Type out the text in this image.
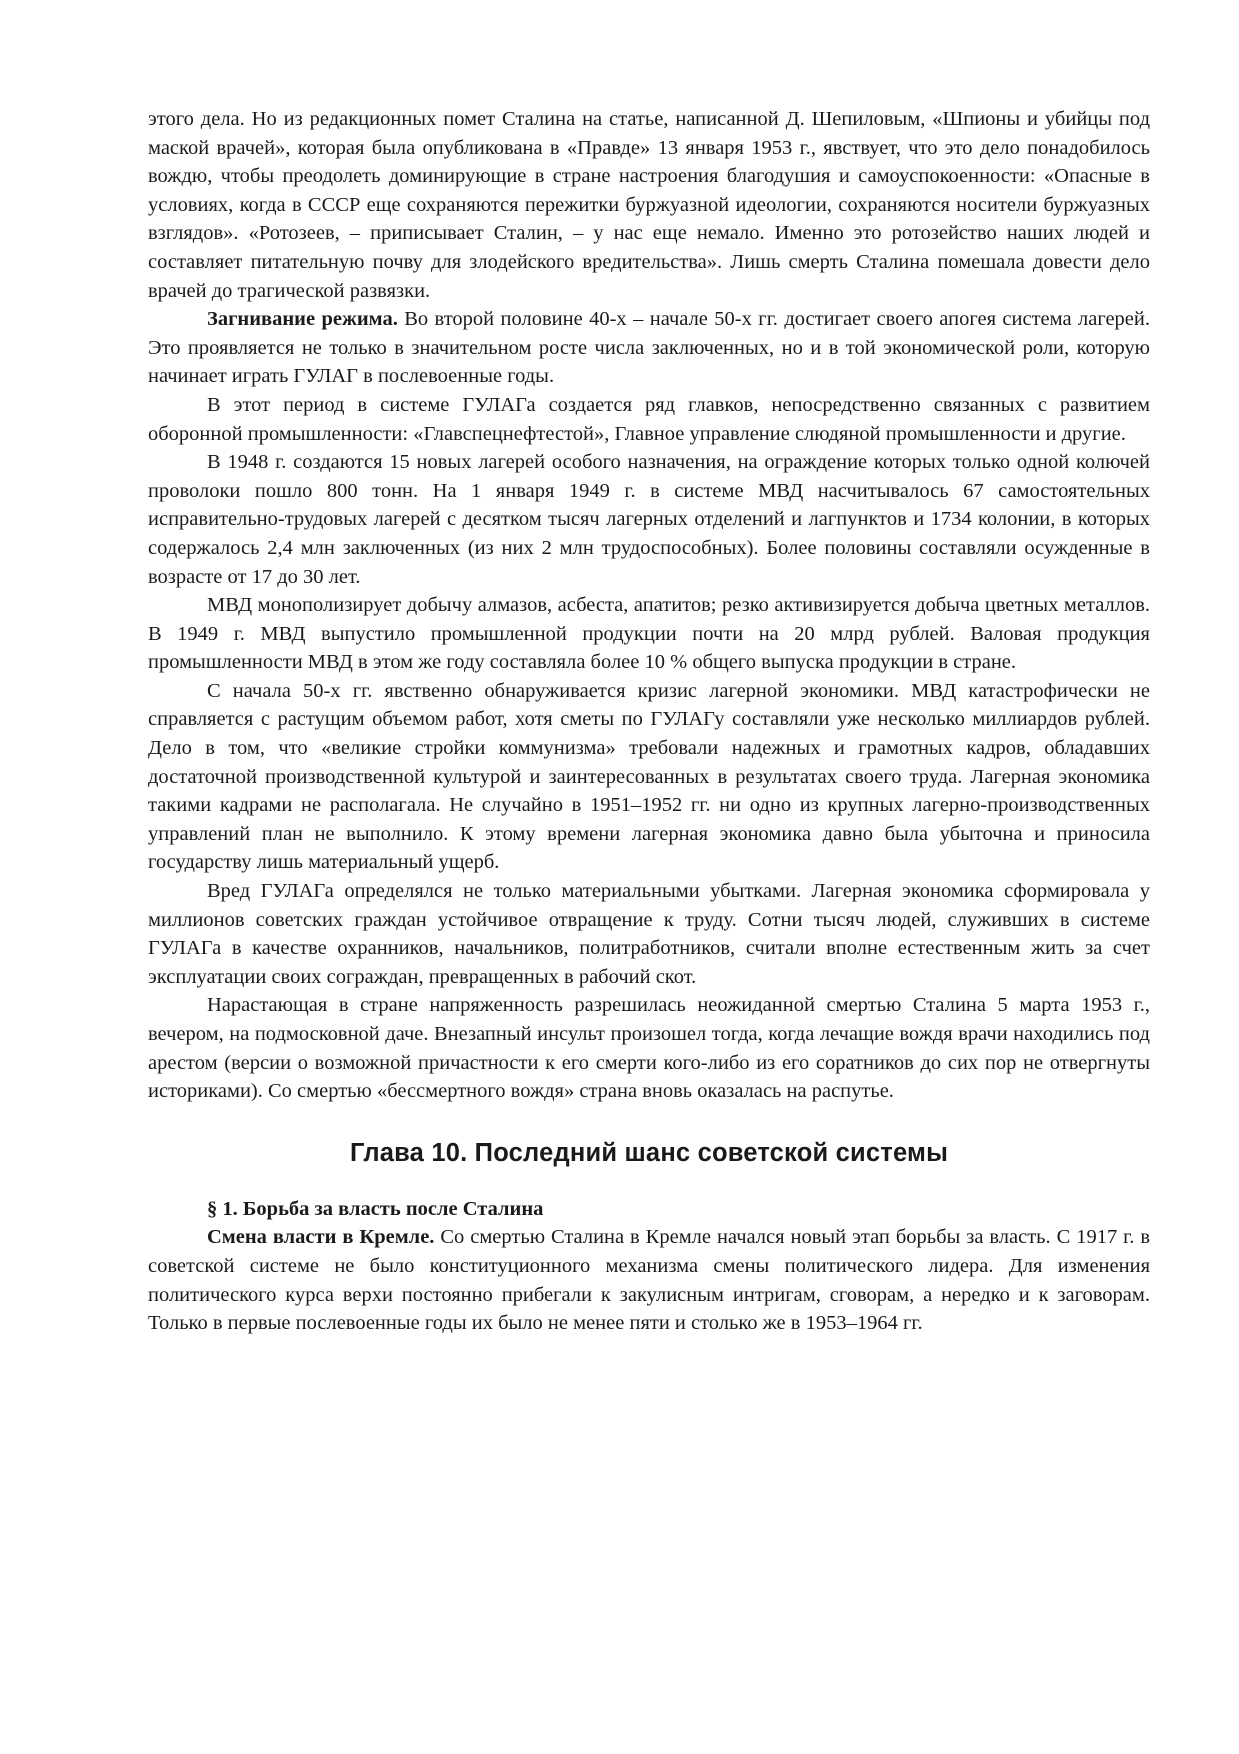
этого дела. Но из редакционных помет Сталина на статье, написанной Д. Шепиловым, «Шпионы и убийцы под маской врачей», которая была опубликована в «Правде» 13 января 1953 г., явствует, что это дело понадобилось вождю, чтобы преодолеть доминирующие в стране настроения благодушия и самоуспокоенности: «Опасные в условиях, когда в СССР еще сохраняются пережитки буржуазной идеологии, сохраняются носители буржуазных взглядов». «Ротозеев, – приписывает Сталин, – у нас еще немало. Именно это ротозейство наших людей и составляет питательную почву для злодейского вредительства». Лишь смерть Сталина помешала довести дело врачей до трагической развязки.

Загнивание режима. Во второй половине 40-х – начале 50-х гг. достигает своего апогея система лагерей. Это проявляется не только в значительном росте числа заключенных, но и в той экономической роли, которую начинает играть ГУЛАГ в послевоенные годы.

В этот период в системе ГУЛАГа создается ряд главков, непосредственно связанных с развитием оборонной промышленности: «Главспецнефтестой», Главное управление слюдяной промышленности и другие.

В 1948 г. создаются 15 новых лагерей особого назначения, на ограждение которых только одной колючей проволоки пошло 800 тонн. На 1 января 1949 г. в системе МВД насчитывалось 67 самостоятельных исправительно-трудовых лагерей с десятком тысяч лагерных отделений и лагпунктов и 1734 колонии, в которых содержалось 2,4 млн заключенных (из них 2 млн трудоспособных). Более половины составляли осужденные в возрасте от 17 до 30 лет.

МВД монополизирует добычу алмазов, асбеста, апатитов; резко активизируется добыча цветных металлов. В 1949 г. МВД выпустило промышленной продукции почти на 20 млрд рублей. Валовая продукция промышленности МВД в этом же году составляла более 10 % общего выпуска продукции в стране.

С начала 50-х гг. явственно обнаруживается кризис лагерной экономики. МВД катастрофически не справляется с растущим объемом работ, хотя сметы по ГУЛАГу составляли уже несколько миллиардов рублей. Дело в том, что «великие стройки коммунизма» требовали надежных и грамотных кадров, обладавших достаточной производственной культурой и заинтересованных в результатах своего труда. Лагерная экономика такими кадрами не располагала. Не случайно в 1951–1952 гг. ни одно из крупных лагерно-производственных управлений план не выполнило. К этому времени лагерная экономика давно была убыточна и приносила государству лишь материальный ущерб.

Вред ГУЛАГа определялся не только материальными убытками. Лагерная экономика сформировала у миллионов советских граждан устойчивое отвращение к труду. Сотни тысяч людей, служивших в системе ГУЛАГа в качестве охранников, начальников, политработников, считали вполне естественным жить за счет эксплуатации своих сограждан, превращенных в рабочий скот.

Нарастающая в стране напряженность разрешилась неожиданной смертью Сталина 5 марта 1953 г., вечером, на подмосковной даче. Внезапный инсульт произошел тогда, когда лечащие вождя врачи находились под арестом (версии о возможной причастности к его смерти кого-либо из его соратников до сих пор не отвергнуты историками). Со смертью «бессмертного вождя» страна вновь оказалась на распутье.

Глава 10. Последний шанс советской системы

§ 1. Борьба за власть после Сталина

Смена власти в Кремле. Со смертью Сталина в Кремле начался новый этап борьбы за власть. С 1917 г. в советской системе не было конституционного механизма смены политического лидера. Для изменения политического курса верхи постоянно прибегали к закулисным интригам, сговорам, а нередко и к заговорам. Только в первые послевоенные годы их было не менее пяти и столько же в 1953–1964 гг.
